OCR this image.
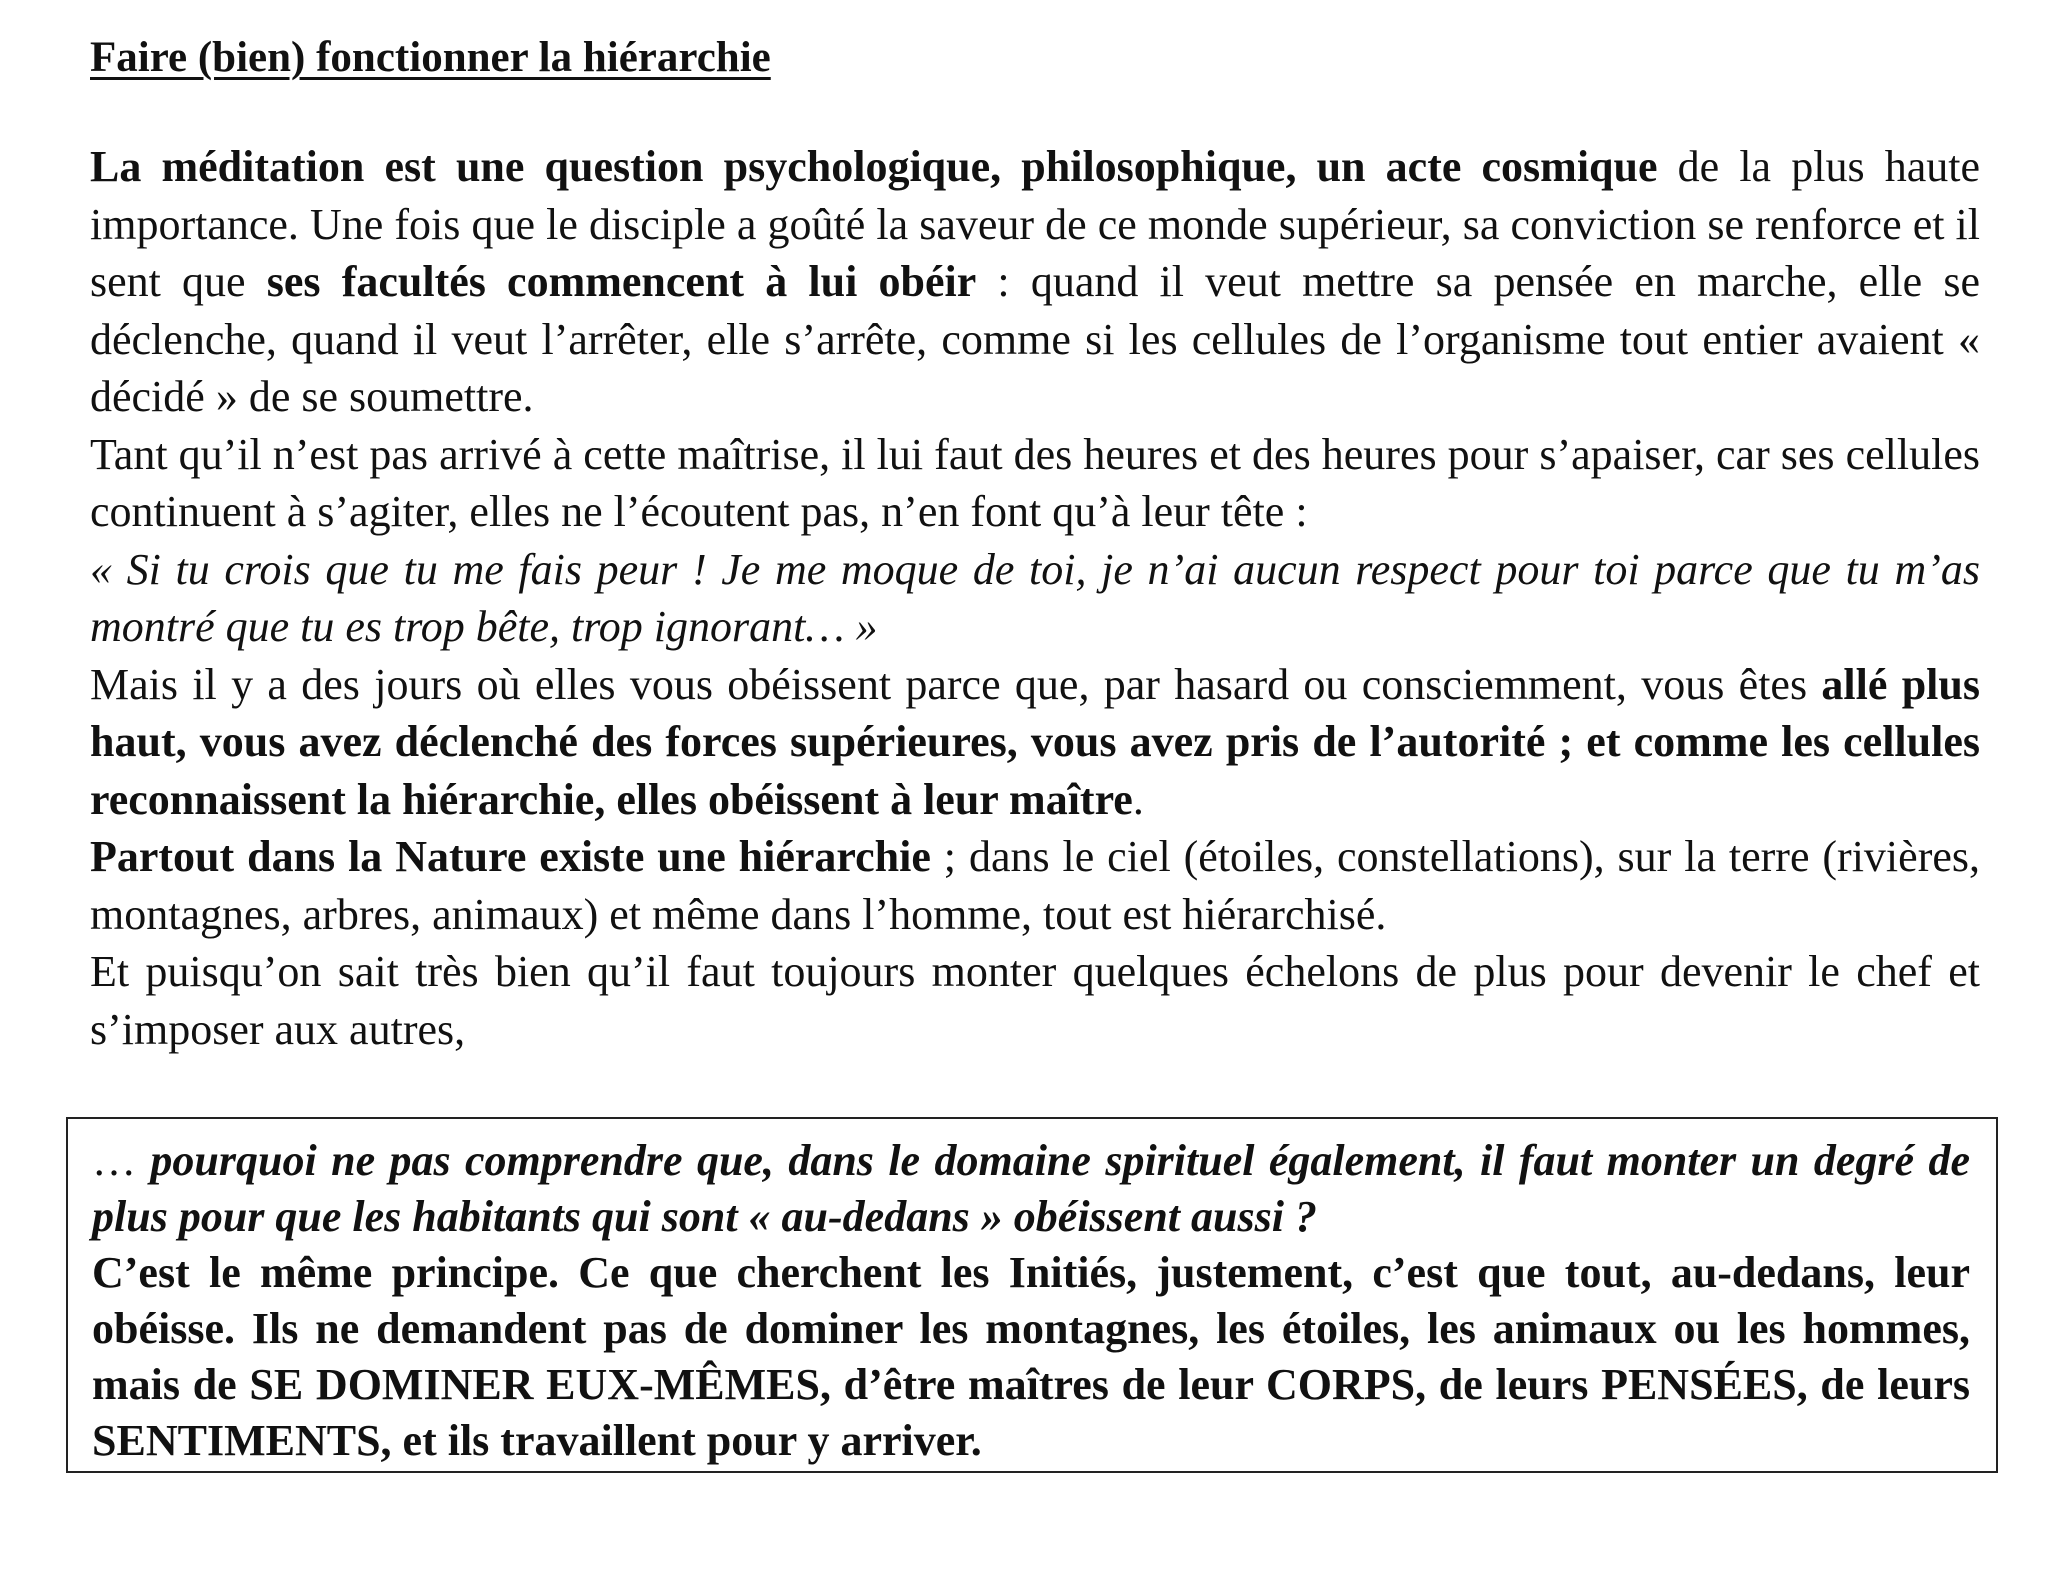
Faire (bien) fonctionner la hiérarchie

La méditation est une question psychologique, philosophique, un acte cosmique de la plus haute importance. Une fois que le disciple a goûté la saveur de ce monde supérieur, sa conviction se renforce et il sent que ses facultés commencent à lui obéir : quand il veut mettre sa pensée en marche, elle se déclenche, quand il veut l’arrêter, elle s’arrête, comme si les cellules de l’organisme tout entier avaient « décidé » de se soumettre.

Tant qu’il n’est pas arrivé à cette maîtrise, il lui faut des heures et des heures pour s’apaiser, car ses cellules continuent à s’agiter, elles ne l’écoutent pas, n’en font qu’à leur tête :

« Si tu crois que tu me fais peur ! Je me moque de toi, je n’ai aucun respect pour toi parce que tu m’as montré que tu es trop bête, trop ignorant… »

Mais il y a des jours où elles vous obéissent parce que, par hasard ou consciemment, vous êtes allé plus haut, vous avez déclenché des forces supérieures, vous avez pris de l’autorité ; et comme les cellules reconnaissent la hiérarchie, elles obéissent à leur maître.

Partout dans la Nature existe une hiérarchie ; dans le ciel (étoiles, constellations), sur la terre (rivières, montagnes, arbres, animaux) et même dans l’homme, tout est hiérarchisé.

Et puisqu’on sait très bien qu’il faut toujours monter quelques échelons de plus pour devenir le chef et s’imposer aux autres,

… pourquoi ne pas comprendre que, dans le domaine spirituel également, il faut monter un degré de plus pour que les habitants qui sont « au-dedans » obéissent aussi ?

C’est le même principe. Ce que cherchent les Initiés, justement, c’est que tout, au-dedans, leur obéisse. Ils ne demandent pas de dominer les montagnes, les étoiles, les animaux ou les hommes, mais de SE DOMINER EUX-MÊMES, d’être maîtres de leur CORPS, de leurs PENSÉES, de leurs SENTIMENTS, et ils travaillent pour y arriver.
